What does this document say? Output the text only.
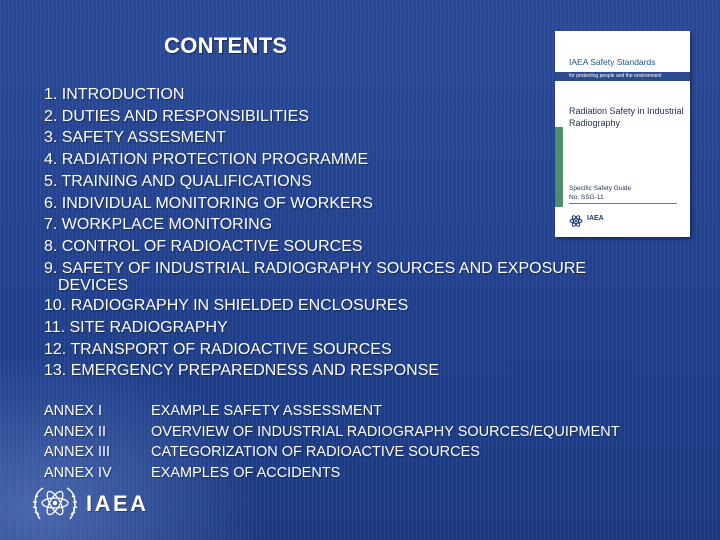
CONTENTS
1. INTRODUCTION
2. DUTIES AND RESPONSIBILITIES
3. SAFETY ASSESMENT
4. RADIATION PROTECTION PROGRAMME
5. TRAINING AND QUALIFICATIONS
6. INDIVIDUAL MONITORING OF WORKERS
7. WORKPLACE MONITORING
8. CONTROL OF RADIOACTIVE SOURCES
9. SAFETY OF INDUSTRIAL RADIOGRAPHY SOURCES AND EXPOSURE
DEVICES
10. RADIOGRAPHY IN SHIELDED ENCLOSURES
11. SITE RADIOGRAPHY
12. TRANSPORT OF RADIOACTIVE SOURCES
13. EMERGENCY PREPAREDNESS AND RESPONSE
ANNEX I	EXAMPLE SAFETY ASSESSMENT
ANNEX II	OVERVIEW OF INDUSTRIAL RADIOGRAPHY SOURCES/EQUIPMENT
ANNEX III	CATEGORIZATION OF RADIOACTIVE SOURCES
ANNEX IV	EXAMPLES OF ACCIDENTS
IAEA Safety Standards
for protecting people and the environment
Radiation Safety in Industrial Radiography
Specific Safety Guide
No. SSG-11
IAEA
IAEA
